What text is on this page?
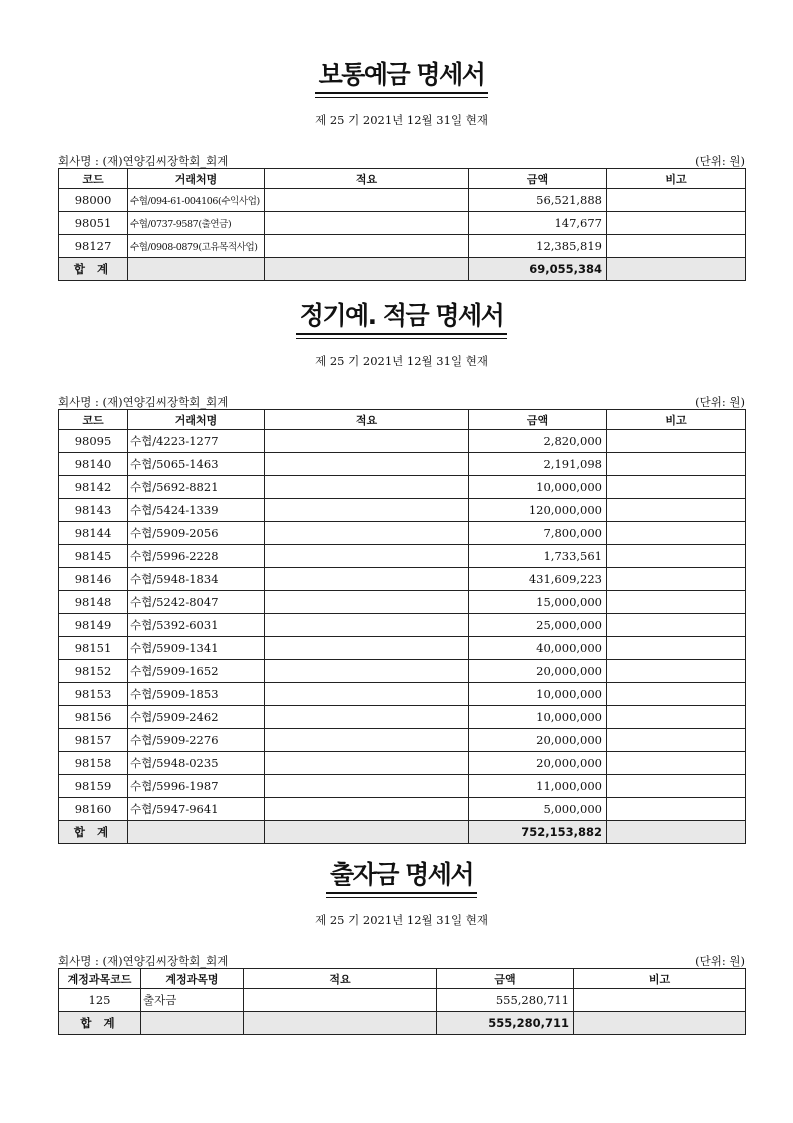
보통예금 명세서
제 25 기 2021년 12월 31일 현재
회사명 : (재)연양김씨장학회_회계	(단위: 원)
코드	거래처명	적요	금액	비고
98000	수협/094-61-004106(수익사업)		56,521,888	
98051	수협/0737-9587(출연금)		147,677	
98127	수협/0908-0879(고유목적사업)		12,385,819	
합 계			69,055,384	
정기예. 적금 명세서
제 25 기 2021년 12월 31일 현재
회사명 : (재)연양김씨장학회_회계	(단위: 원)
코드	거래처명	적요	금액	비고
98095	수협/4223-1277		2,820,000	
98140	수협/5065-1463		2,191,098	
98142	수협/5692-8821		10,000,000	
98143	수협/5424-1339		120,000,000	
98144	수협/5909-2056		7,800,000	
98145	수협/5996-2228		1,733,561	
98146	수협/5948-1834		431,609,223	
98148	수협/5242-8047		15,000,000	
98149	수협/5392-6031		25,000,000	
98151	수협/5909-1341		40,000,000	
98152	수협/5909-1652		20,000,000	
98153	수협/5909-1853		10,000,000	
98156	수협/5909-2462		10,000,000	
98157	수협/5909-2276		20,000,000	
98158	수협/5948-0235		20,000,000	
98159	수협/5996-1987		11,000,000	
98160	수협/5947-9641		5,000,000	
합 계			752,153,882	
출자금 명세서
제 25 기 2021년 12월 31일 현재
회사명 : (재)연양김씨장학회_회계	(단위: 원)
계정과목코드	계정과목명	적요	금액	비고
125	출자금		555,280,711	
합 계			555,280,711	
